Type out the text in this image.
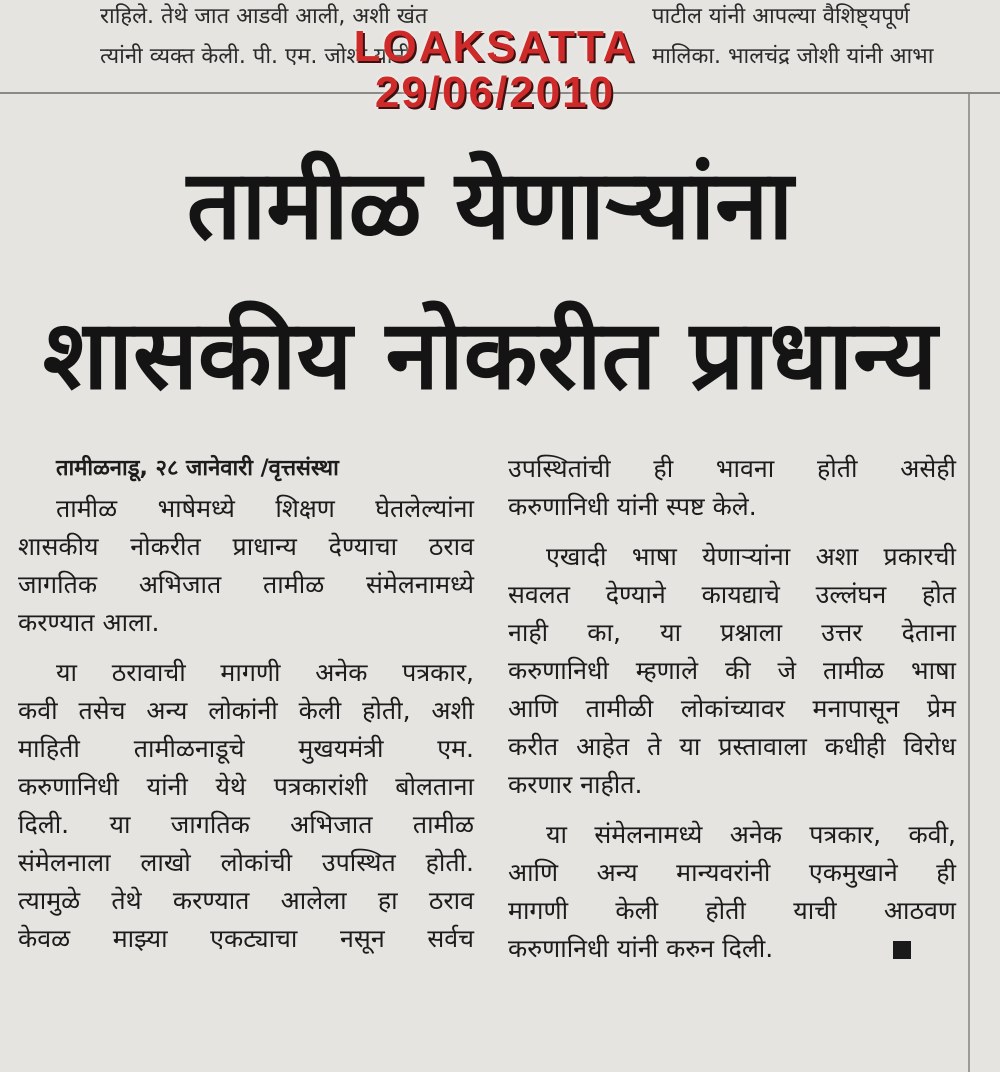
राहिले. तेथे जात आडवी आली, अशी खंत
त्यांनी व्यक्त केली. पी. एम. जोशी यांनी
पाटील यांनी आपल्या वैशिष्ट्यपूर्ण
मालिका. भालचंद्र जोशी यांनी आभा
LOAKSATTA
29/06/2010
तामीळ येणाऱ्यांना
शासकीय नोकरीत प्राधान्य

तामीळनाडू, २८ जानेवारी /वृत्तसंस्था

तामीळ भाषेमध्ये शिक्षण घेतलेल्यांना

शासकीय नोकरीत प्राधान्य देण्याचा ठराव

जागतिक अभिजात तामीळ संमेलनामध्ये

करण्यात आला.

या ठरावाची मागणी अनेक पत्रकार,

कवी तसेच अन्य लोकांनी केली होती, अशी

माहिती तामीळनाडूचे मुखयमंत्री एम.

करुणानिधी यांनी येथे पत्रकारांशी बोलताना

दिली. या जागतिक अभिजात तामीळ

संमेलनाला लाखो लोकांची उपस्थित होती.

त्यामुळे तेथे करण्यात आलेला हा ठराव

केवळ माझ्या एकट्याचा नसून सर्वच

उपस्थितांची ही भावना होती असेही

करुणानिधी यांनी स्पष्ट केले.

एखादी भाषा येणाऱ्यांना अशा प्रकारची

सवलत देण्याने कायद्याचे उल्लंघन होत

नाही का, या प्रश्नाला उत्तर देताना

करुणानिधी म्हणाले की जे तामीळ भाषा

आणि तामीळी लोकांच्यावर मनापासून प्रेम

करीत आहेत ते या प्रस्तावाला कधीही विरोध

करणार नाहीत.

या संमेलनामध्ये अनेक पत्रकार, कवी,

आणि अन्य मान्यवरांनी एकमुखाने ही

मागणी केली होती याची आठवण

करुणानिधी यांनी करुन दिली.
